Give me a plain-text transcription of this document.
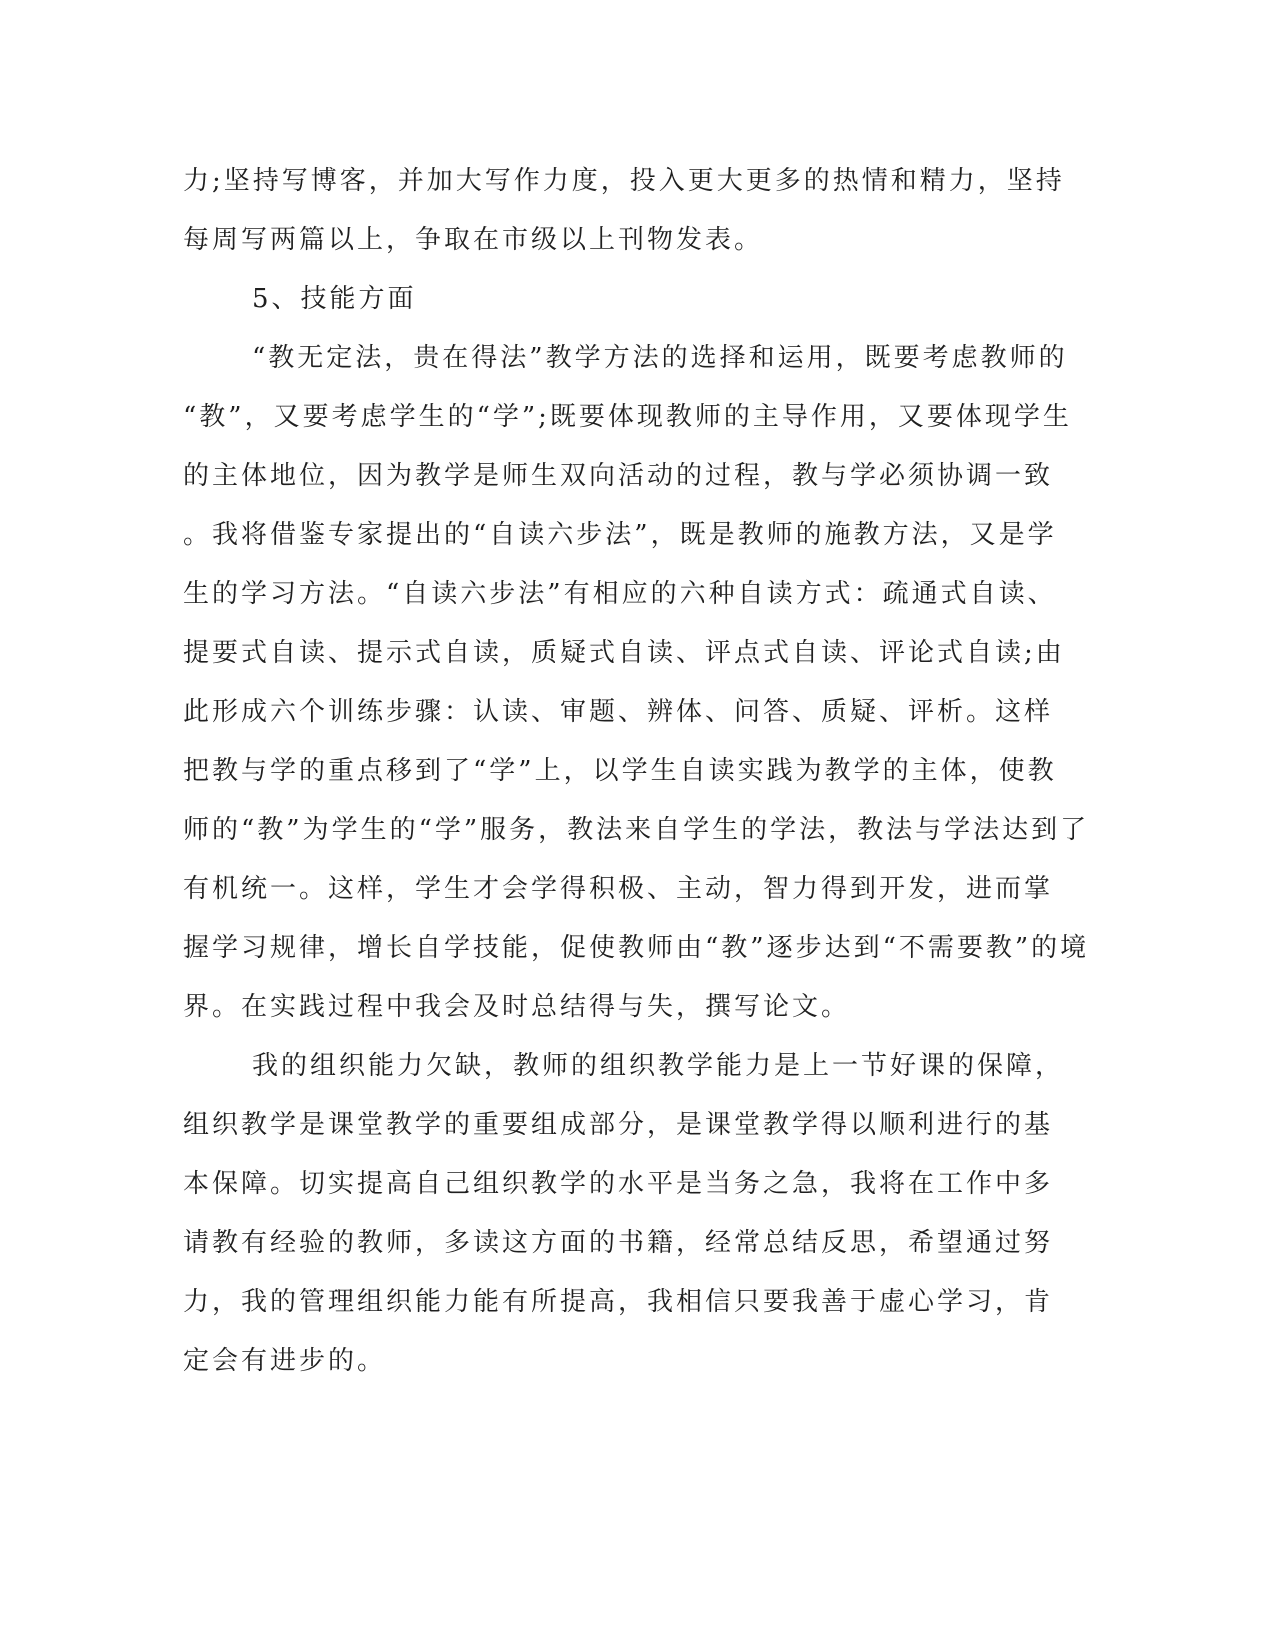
力;坚持写博客，并加大写作力度，投入更大更多的热情和精力，坚持

每周写两篇以上，争取在市级以上刊物发表。

5、技能方面

“教无定法，贵在得法”教学方法的选择和运用，既要考虑教师的

“教”，又要考虑学生的“学”;既要体现教师的主导作用，又要体现学生

的主体地位，因为教学是师生双向活动的过程，教与学必须协调一致

。我将借鉴专家提出的“自读六步法”，既是教师的施教方法，又是学

生的学习方法。“自读六步法”有相应的六种自读方式：疏通式自读、

提要式自读、提示式自读，质疑式自读、评点式自读、评论式自读;由

此形成六个训练步骤：认读、审题、辨体、问答、质疑、评析。这样

把教与学的重点移到了“学”上，以学生自读实践为教学的主体，使教

师的“教”为学生的“学”服务，教法来自学生的学法，教法与学法达到了

有机统一。这样，学生才会学得积极、主动，智力得到开发，进而掌

握学习规律，增长自学技能，促使教师由“教”逐步达到“不需要教”的境

界。在实践过程中我会及时总结得与失，撰写论文。

我的组织能力欠缺，教师的组织教学能力是上一节好课的保障，

组织教学是课堂教学的重要组成部分，是课堂教学得以顺利进行的基

本保障。切实提高自己组织教学的水平是当务之急，我将在工作中多

请教有经验的教师，多读这方面的书籍，经常总结反思，希望通过努

力，我的管理组织能力能有所提高，我相信只要我善于虚心学习，肯

定会有进步的。
